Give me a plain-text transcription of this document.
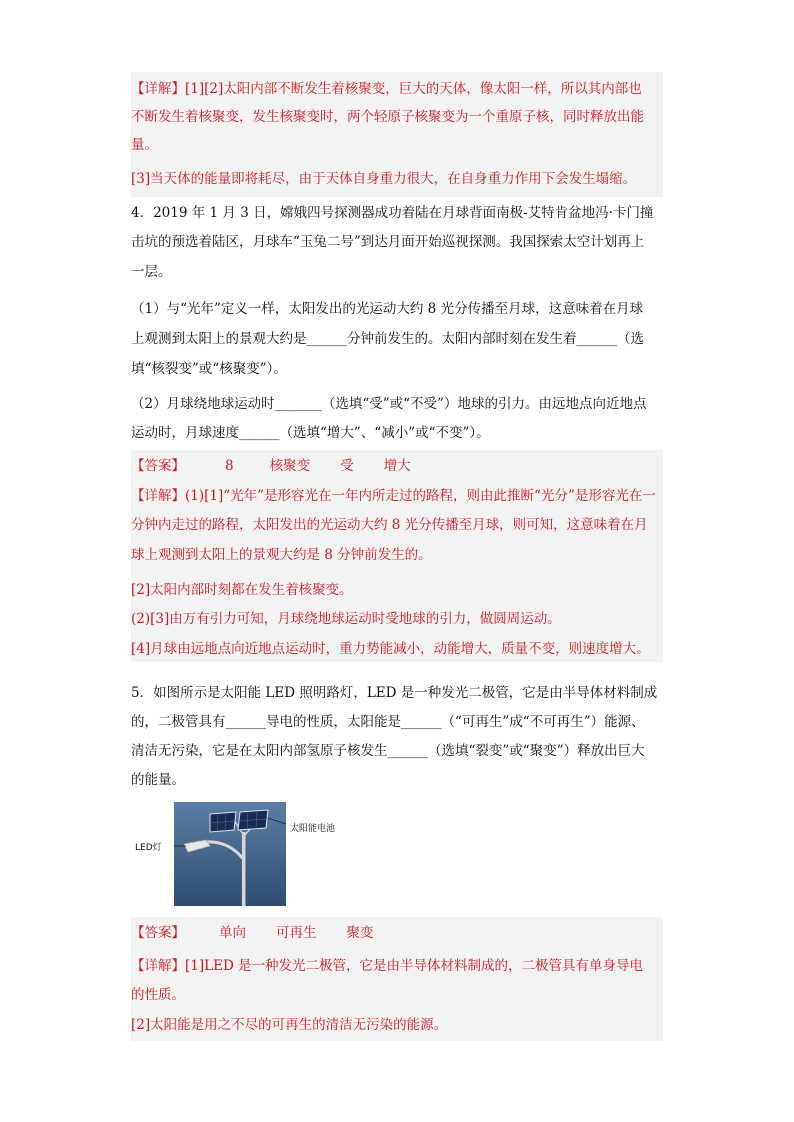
【详解】[1][2]太阳内部不断发生着核聚变，巨大的天体，像太阳一样，所以其内部也
不断发生着核聚变，发生核聚变时，两个轻原子核聚变为一个重原子核，同时释放出能
量。
[3]当天体的能量即将耗尽，由于天体自身重力很大，在自身重力作用下会发生塌缩。
4．2019 年 1 月 3 日，嫦娥四号探测器成功着陆在月球背面南极-艾特肯盆地冯·卡门撞
击坑的预选着陆区，月球车“玉兔二号”到达月面开始巡视探测。我国探索太空计划再上
一层。
（1）与“光年”定义一样，太阳发出的光运动大约 8 光分传播至月球，这意味着在月球
上观测到太阳上的景观大约是______分钟前发生的。太阳内部时刻在发生着______（选
填“核裂变”或“核聚变”）。
（2）月球绕地球运动时_______（选填“受”或“不受”）地球的引力。由远地点向近地点
运动时，月球速度______（选填“增大”、“减小”或“不变”）。
【答案】	8	核聚变 受 增大
【详解】(1)[1]“光年”是形容光在一年内所走过的路程，则由此推断“光分”是形容光在一
分钟内走过的路程，太阳发出的光运动大约 8 光分传播至月球，则可知，这意味着在月
球上观测到太阳上的景观大约是 8 分钟前发生的。
[2]太阳内部时刻都在发生着核聚变。
(2)[3]由万有引力可知，月球绕地球运动时受地球的引力，做圆周运动。
[4]月球由远地点向近地点运动时，重力势能减小，动能增大，质量不变，则速度增大。
5．如图所示是太阳能 LED 照明路灯，LED 是一种发光二极管，它是由半导体材料制成
的，二极管具有______导电的性质，太阳能是______（“可再生”成“不可再生”）能源、
清洁无污染，它是在太阳内部氢原子核发生______（选填“裂变”或“聚变”）释放出巨大
的能量。
太阳能电池
LED灯
【答案】	单向 可再生 聚变
【详解】[1]LED 是一种发光二极管，它是由半导体材料制成的，二极管具有单身导电
的性质。
[2]太阳能是用之不尽的可再生的清洁无污染的能源。
